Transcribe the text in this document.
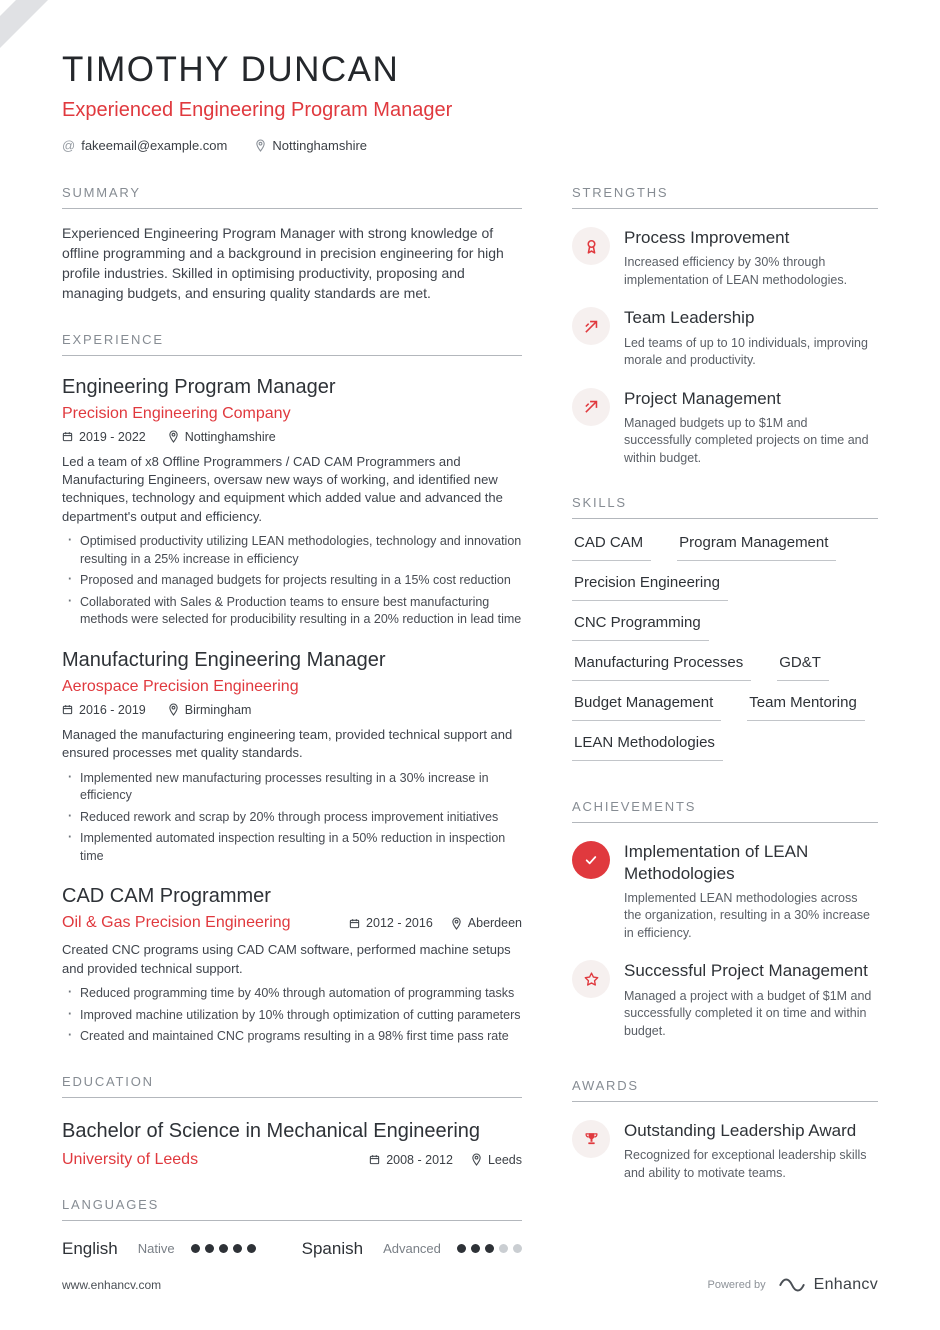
TIMOTHY DUNCAN
Experienced Engineering Program Manager
@ fakeemail@example.com	Nottinghamshire
SUMMARY

Experienced Engineering Program Manager with strong knowledge of offline programming and a background in precision engineering for high profile industries. Skilled in optimising productivity, proposing and managing budgets, and ensuring quality standards are met.

EXPERIENCE
Engineering Program Manager
Precision Engineering Company
2019 - 2022	Nottinghamshire

Led a team of x8 Offline Programmers / CAD CAM Programmers and Manufacturing Engineers, oversaw new ways of working, and identified new techniques, technology and equipment which added value and advanced the department's output and efficiency.

· Optimised productivity utilizing LEAN methodologies, technology and innovation resulting in a 25% increase in efficiency
· Proposed and managed budgets for projects resulting in a 15% cost reduction
· Collaborated with Sales & Production teams to ensure best manufacturing methods were selected for producibility resulting in a 20% reduction in lead time
Manufacturing Engineering Manager
Aerospace Precision Engineering
2016 - 2019	Birmingham

Managed the manufacturing engineering team, provided technical support and ensured processes met quality standards.

· Implemented new manufacturing processes resulting in a 30% increase in efficiency
· Reduced rework and scrap by 20% through process improvement initiatives
· Implemented automated inspection resulting in a 50% reduction in inspection time
CAD CAM Programmer
Oil & Gas Precision Engineering	2012 - 2016	Aberdeen

Created CNC programs using CAD CAM software, performed machine setups and provided technical support.

· Reduced programming time by 40% through automation of programming tasks
· Improved machine utilization by 10% through optimization of cutting parameters
· Created and maintained CNC programs resulting in a 98% first time pass rate
EDUCATION
Bachelor of Science in Mechanical Engineering
University of Leeds	2008 - 2012	Leeds
LANGUAGES
English Native	Spanish Advanced
STRENGTHS
Process Improvement
Increased efficiency by 30% through implementation of LEAN methodologies.
Team Leadership
Led teams of up to 10 individuals, improving morale and productivity.
Project Management
Managed budgets up to $1M and successfully completed projects on time and within budget.
SKILLS
CAD CAM	Program Management
Precision Engineering
CNC Programming
Manufacturing Processes	GD&T
Budget Management	Team Mentoring
LEAN Methodologies
ACHIEVEMENTS
Implementation of LEAN Methodologies
Implemented LEAN methodologies across the organization, resulting in a 30% increase in efficiency.
Successful Project Management
Managed a project with a budget of $1M and successfully completed it on time and within budget.
AWARDS
Outstanding Leadership Award
Recognized for exceptional leadership skills and ability to motivate teams.
www.enhancv.com	Powered by	Enhancv
